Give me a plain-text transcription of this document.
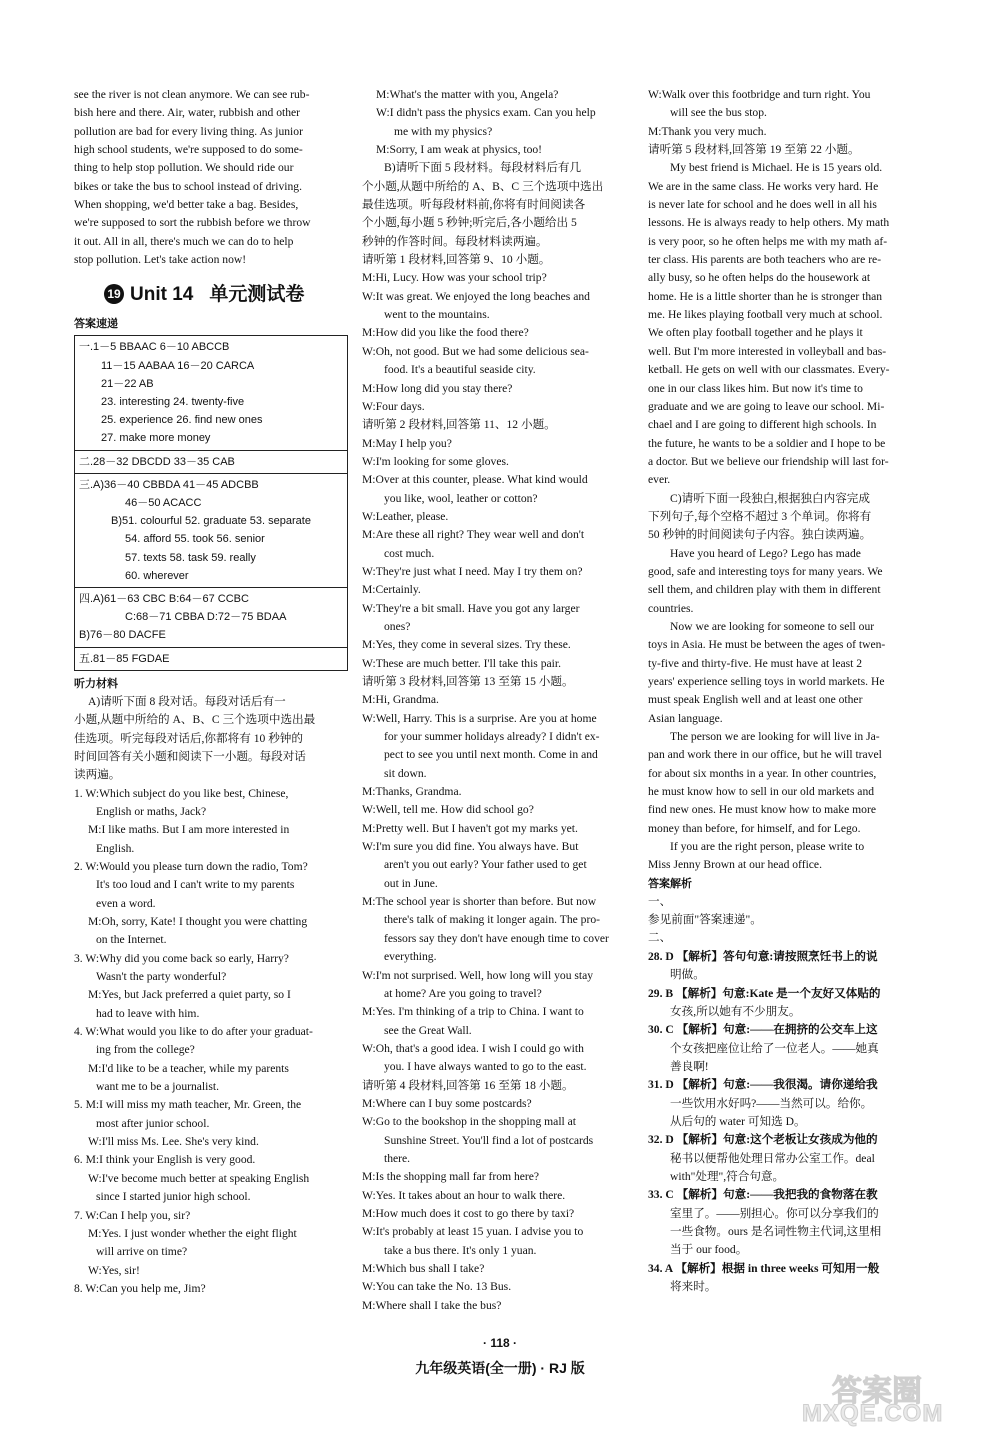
see the river is not clean anymore. We can see rub-
bish here and there. Air, water, rubbish and other
pollution are bad for every living thing. As junior
high school students, we're supposed to do some-
thing to help stop pollution. We should ride our
bikes or take the bus to school instead of driving.
When shopping, we'd better take a bag. Besides,
we're supposed to sort the rubbish before we throw
it out. All in all, there's much we can do to help
stop pollution. Let's take action now!
19 Unit 14 单元测试卷
答案速递
一.1－5 BBAAC 6－10 ABCCB
11－15 AABAA 16－20 CARCA
21－22 AB
23. interesting 24. twenty-five
25. experience 26. find new ones
27. make more money
二.28－32 DBCDD 33－35 CAB
三.A)36－40 CBBDA 41－45 ADCBB
46－50 ACACC
B)51. colourful 52. graduate 53. separate
54. afford 55. took 56. senior
57. texts 58. task 59. really
60. wherever
四.A)61－63 CBC B:64－67 CCBC
C:68－71 CBBA D:72－75 BDAA
B)76－80 DACFE
五.81－85 FGDAE
听力材料
A)请听下面 8 段对话。每段对话后有一
小题,从题中所给的 A、B、C 三个选项中选出最
佳选项。听完每段对话后,你都将有 10 秒钟的
时间回答有关小题和阅读下一小题。每段对话
读两遍。
1. W:Which subject do you like best, Chinese,
English or maths, Jack?
M:I like maths. But I am more interested in
English.
2. W:Would you please turn down the radio, Tom?
It's too loud and I can't write to my parents
even a word.
M:Oh, sorry, Kate! I thought you were chatting
on the Internet.
3. W:Why did you come back so early, Harry?
Wasn't the party wonderful?
M:Yes, but Jack preferred a quiet party, so I
had to leave with him.
4. W:What would you like to do after your graduat-
ing from the college?
M:I'd like to be a teacher, while my parents
want me to be a journalist.
5. M:I will miss my math teacher, Mr. Green, the
most after junior school.
W:I'll miss Ms. Lee. She's very kind.
6. M:I think your English is very good.
W:I've become much better at speaking English
since I started junior high school.
7. W:Can I help you, sir?
M:Yes. I just wonder whether the eight flight
will arrive on time?
W:Yes, sir!
8. W:Can you help me, Jim?
M:What's the matter with you, Angela?
W:I didn't pass the physics exam. Can you help
me with my physics?
M:Sorry, I am weak at physics, too!
B)请听下面 5 段材料。每段材料后有几
个小题,从题中所给的 A、B、C 三个选项中选出
最佳选项。听每段材料前,你将有时间阅读各
个小题,每小题 5 秒钟;听完后,各小题给出 5
秒钟的作答时间。每段材料读两遍。
请听第 1 段材料,回答第 9、10 小题。
M:Hi, Lucy. How was your school trip?
W:It was great. We enjoyed the long beaches and
went to the mountains.
M:How did you like the food there?
W:Oh, not good. But we had some delicious sea-
food. It's a beautiful seaside city.
M:How long did you stay there?
W:Four days.
请听第 2 段材料,回答第 11、12 小题。
M:May I help you?
W:I'm looking for some gloves.
M:Over at this counter, please. What kind would
you like, wool, leather or cotton?
W:Leather, please.
M:Are these all right? They wear well and don't
cost much.
W:They're just what I need. May I try them on?
M:Certainly.
W:They're a bit small. Have you got any larger
ones?
M:Yes, they come in several sizes. Try these.
W:These are much better. I'll take this pair.
请听第 3 段材料,回答第 13 至第 15 小题。
M:Hi, Grandma.
W:Well, Harry. This is a surprise. Are you at home
for your summer holidays already? I didn't ex-
pect to see you until next month. Come in and
sit down.
M:Thanks, Grandma.
W:Well, tell me. How did school go?
M:Pretty well. But I haven't got my marks yet.
W:I'm sure you did fine. You always have. But
aren't you out early? Your father used to get
out in June.
M:The school year is shorter than before. But now
there's talk of making it longer again. The pro-
fessors say they don't have enough time to cover
everything.
W:I'm not surprised. Well, how long will you stay
at home? Are you going to travel?
M:Yes. I'm thinking of a trip to China. I want to
see the Great Wall.
W:Oh, that's a good idea. I wish I could go with
you. I have always wanted to go to the east.
请听第 4 段材料,回答第 16 至第 18 小题。
M:Where can I buy some postcards?
W:Go to the bookshop in the shopping mall at
Sunshine Street. You'll find a lot of postcards
there.
M:Is the shopping mall far from here?
W:Yes. It takes about an hour to walk there.
M:How much does it cost to go there by taxi?
W:It's probably at least 15 yuan. I advise you to
take a bus there. It's only 1 yuan.
M:Which bus shall I take?
W:You can take the No. 13 Bus.
M:Where shall I take the bus?
W:Walk over this footbridge and turn right. You
will see the bus stop.
M:Thank you very much.
请听第 5 段材料,回答第 19 至第 22 小题。
My best friend is Michael. He is 15 years old.
We are in the same class. He works very hard. He
is never late for school and he does well in all his
lessons. He is always ready to help others. My math
is very poor, so he often helps me with my math af-
ter class. His parents are both teachers who are re-
ally busy, so he often helps do the housework at
home. He is a little shorter than he is stronger than
me. He likes playing football very much at school.
We often play football together and he plays it
well. But I'm more interested in volleyball and bas-
ketball. He gets on well with our classmates. Every-
one in our class likes him. But now it's time to
graduate and we are going to leave our school. Mi-
chael and I are going to different high schools. In
the future, he wants to be a soldier and I hope to be
a doctor. But we believe our friendship will last for-
ever.
C)请听下面一段独白,根据独白内容完成
下列句子,每个空格不超过 3 个单词。你将有
50 秒钟的时间阅读句子内容。独白读两遍。
Have you heard of Lego? Lego has made
good, safe and interesting toys for many years. We
sell them, and children play with them in different
countries.
Now we are looking for someone to sell our
toys in Asia. He must be between the ages of twen-
ty-five and thirty-five. He must have at least 2
years' experience selling toys in world markets. He
must speak English well and at least one other
Asian language.
The person we are looking for will live in Ja-
pan and work there in our office, but he will travel
for about six months in a year. In other countries,
he must know how to sell in our old markets and
find new ones. He must know how to make more
money than before, for himself, and for Lego.
If you are the right person, please write to
Miss Jenny Brown at our head office.
答案解析
一、
参见前面"答案速递"。
二、
28. D 【解析】答句句意:请按照烹饪书上的说
明做。
29. B 【解析】句意:Kate 是一个友好又体贴的
女孩,所以她有不少朋友。
30. C 【解析】句意:——在拥挤的公交车上这
个女孩把座位让给了一位老人。——她真
善良啊!
31. D 【解析】句意:——我很渴。请你递给我
一些饮用水好吗?——当然可以。给你。
从后句的 water 可知选 D。
32. D 【解析】句意:这个老板让女孩成为他的
秘书以便帮他处理日常办公室工作。deal
with"处理",符合句意。
33. C 【解析】句意:——我把我的食物落在教
室里了。——别担心。你可以分享我们的
一些食物。ours 是名词性物主代词,这里相
当于 our food。
34. A 【解析】根据 in three weeks 可知用一般
将来时。
· 118 ·
九年级英语(全一册) · RJ 版
答案圈
MXQE.COM
